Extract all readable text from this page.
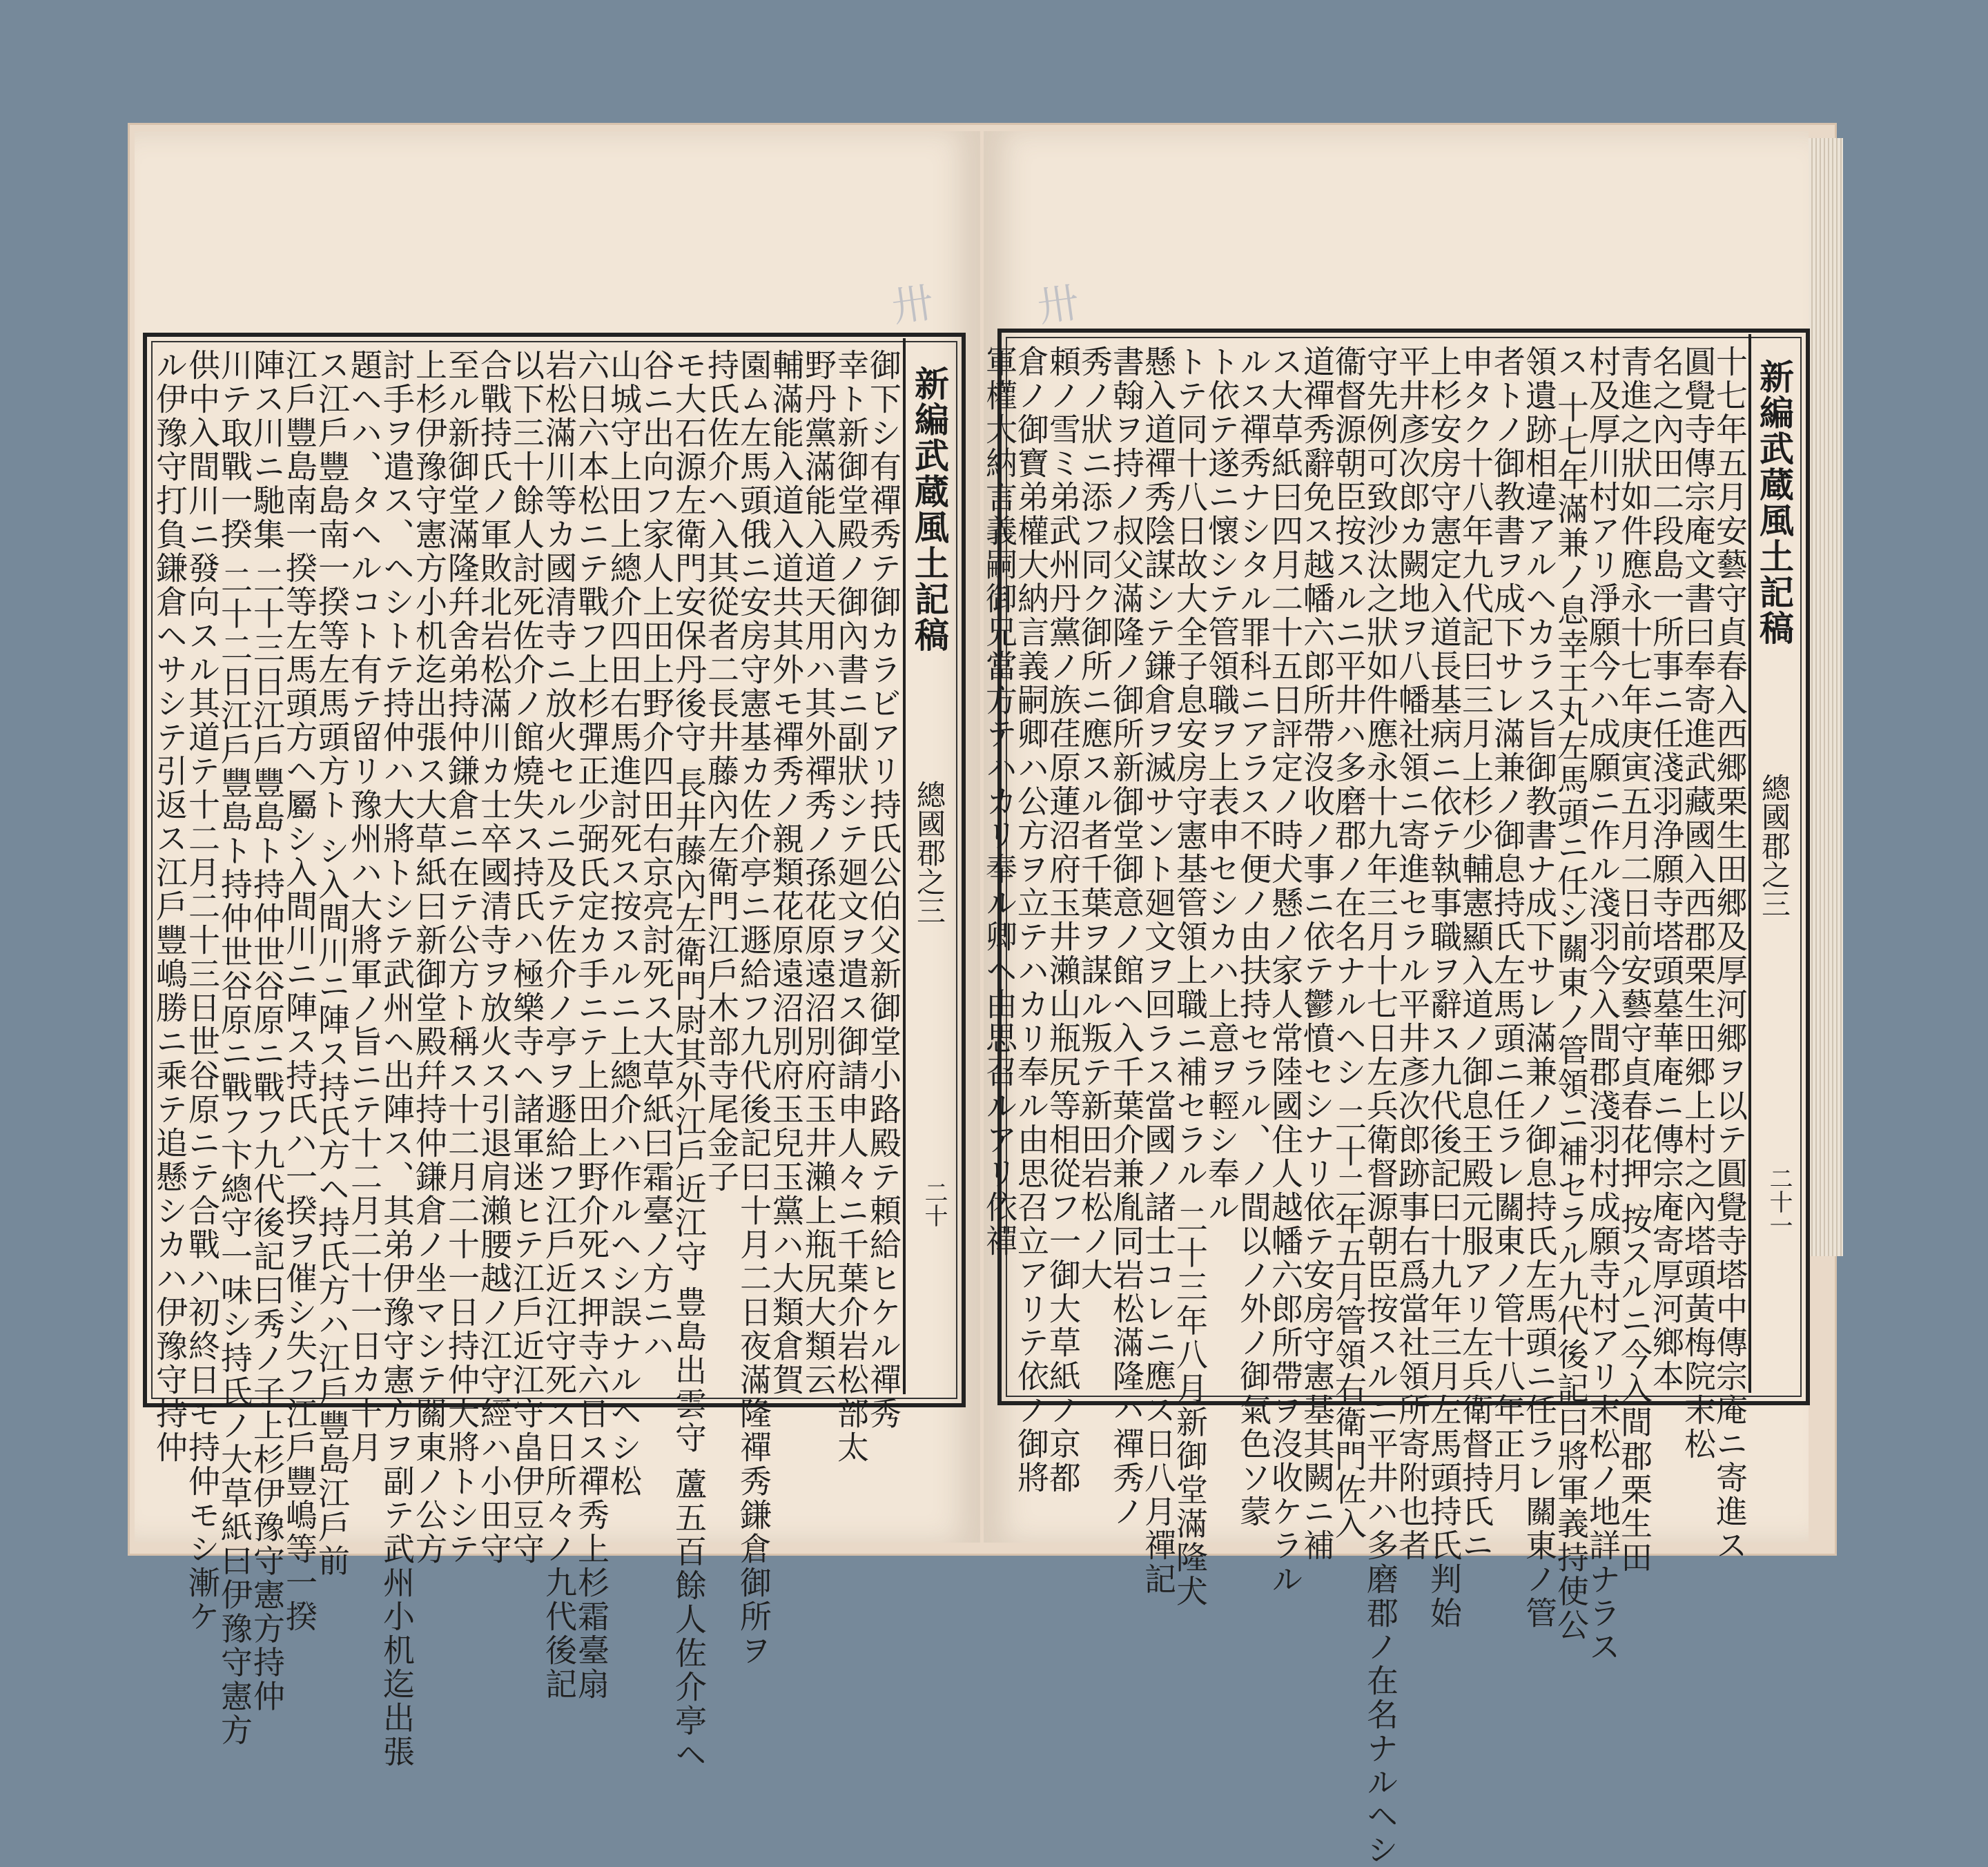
卅
新編武蔵風土記稿
總國郡之三
二十
御下シ有禪秀テ御カラビアリ持氏公伯父新御堂小路殿テ頼給ヒケル禪秀
幸ト新御堂殿ノ御內書ニ副狀シテ廻文ヲ遣ス御請申人々ニ千葉介岩松部太
野丹黨滿能入道天用ハ其外禪秀ノ孫花原遠沼別府玉井瀨上瓶尻大類云
輔滿能入道入道共其外モ禪秀ノ親類花原遠沼別府玉兒玉黨ハ大類倉賀
園ム左馬頭俄ニ安房守憲基カ佐介亭ニ遯給フ九代後記曰十月二日夜滿隆禪秀鎌倉御所ヲ
持氏佐介ヘ入其從者二長井藤內左衛門江戶木部寺尾金子
モ大石源左衛門安保丹後守 長井藤內左衛門尉其外江戶近江守 豊島出雲守 蘆五百餘人佐介亭ヘ
谷ニ出向フ家人上田上野介四田右京亮討死ス大草紙曰霜臺ノ方ニハ
山城守上田上總介四田右馬進討死ス按スルニ上總介ハ作ルヘシ誤ナルヘシ松
六日六本松ニテ戰フ上杉彈正少弼氏定カ手ニテ上田上野介死ス押寺六日ス禪秀上杉霜臺扇
岩松滿川等カ國清寺ニ放火セルニ及テ佐介ノ亭ヲ遯給フ江戶近江守死ス日所々ノ九代後記
以下三十餘人討死佐介ノ館燒失ス持氏ハ極樂寺ヘ諸軍迷ヒテ江戶近江守畠伊豆守
合戰持氏ノ軍敗北岩松滿川カ士卒國清寺ヲ放火ス引退肩瀨腰越ノ江守經ハ小田守
至ル新御堂滿隆幷舍弟持仲鎌倉ニ在テ公方ト稱ス十二月二十一日持仲大將トシテ
上杉伊豫守憲方小机迄出張ス大草紙曰新御堂殿幷持仲鎌倉ノ坐マシテ關東ノ公方
討手ヲ遣ス、ヘシトテ持仲ハ大將トシテ武州ヘ出陣ス、其弟伊豫守憲方ヲ副テ武州小机迄出張
題ヘハ、タヘルコト有テ留リ豫州ハ大將軍ノ旨ニテ十二月二十一日カ十月
ス江戶豐島南一揆等左馬頭方ト シ入間川ニ陣ス持氏方ヘ持氏方ハ江戶豐島江戶前
江戶豐島南一揆等左馬頭方ヘ屬シ入間川ニ陣ス持氏ハ一揆ヲ催シ失フ江戶豐嶋等一揆
陣ス川ニ馳集 二十三日江戶豐島ト持仲世谷原ニ戰フ九代後記曰秀ノ子上杉伊豫守憲方持仲
川テ取戰一揆 二十二日江戶豐島ト持仲世谷原ニ戰フ卞總守一味シ持氏ノ大草紙曰伊豫守憲方
供中入間川ニ發向スル其道テ十二月二十三日世谷原ニテ合戰ハ初終日モ持仲モシ漸ケ
ル伊豫守打負鎌倉ヘサシテ引返ス江戶豐嶋勝ニ乘テ追懸シカハ伊豫守持仲
卅
新編武蔵風土記稿
總國郡之三
二十一
十七年五月安藝守貞春入西郷栗生田郷及厚河郷ヲ以テ圓覺寺塔中傳宗庵ニ寄進ス
圓覺寺傳宗庵文書曰奉寄進武藏國入西郡栗生田郷上村之內塔頭黃梅院末松
名之內田二段島一所事ニ任淺羽浄願寺塔頭墓華庵ニ傳宗庵寄厚河鄉本
青進之狀如件應永十七年庚寅五月二日前安藝守貞春花押 按スルニ今入間郡栗生田
村及厚川村アリ淨願今ハ成願ニ作ル淺羽今入間郡淺羽村成願寺村アリ末松ノ地詳ナラス
ス 十七年滿兼ノ息幸王丸左馬頭ニ任シ關東ノ管領ニ補セラル九代後記曰將軍義持使公
領遺跡相違アルヘカラス旨御教書ナ成下サレ滿兼ノ御息持氏左馬頭ニ任ラレ關東ノ管
者トノ御教書ヲ成下サレ滿兼ノ御息持氏左馬頭ニ任ラレ關東ノ管十八年正月
申タク十八年九代記曰三月上杉少輔憲顯入道ノ御息王殿元服アリ左兵衛督持氏ニ
上杉安房守憲定入道長基病ニ依テ執事職ヲ辭ス九代後記曰十九年三月左馬頭持氏判始
平井彥次郎カ闕地ヲ八幡社領ニ寄進セラル平井彥次郎跡事右爲當社領所寄附也者
守先例可致沙汰之狀如件應永十九年三月十七日左兵衛督源朝臣按スルニ平井ハ多磨郡ノ在名ナルヘシ
衞督源朝臣按スルニ平井ハ多磨郡ノ在名ナルヘシ 二十二年五月管領右衛門佐入
道禪秀辭免ス越幡六郎所帶沒收ノ事ニ依テ鬱憤セシナリ依テ安房守憲基其闕ニ補
ス大草紙曰四月二十五日評定ノ時犬懸ノ家人常陸國住人越幡六郎所帶ヲ沒收ケラル
ルス禪秀ナシタル罪科ニアラス不便ノ由扶持セラル、ノ間以ノ外ノ御氣色ソ蒙
ト依テ遂ニ懷シテ管領職ヲ上表申セシカハ上意ヲ輕シ奉ル
トテ同十八日故大全子息安房守憲基管領上職ニ補セラル 二十三年八月新御堂滿隆犬
懸入道禪秀陰謀シテ鎌倉ヲ滅サント廻文ヲ回ラス當國ノ諸士コレニ應ス日八月禪記
書翰ヲ持ノ叔父滿隆ノ御所新御堂御意ノ館ヘ入千葉介兼胤同岩松滿隆ハ禪秀ノ
秀ノ狀ニ添フ同ク御所ニ應スル者千葉ヲ謀ル叛テ新田岩松ノ大
頼ノ雪ミ弟武州丹黨ノ族荏原蓮沼府玉井瀨山瓶尻等相從フ一御大草紙ノ京都
倉ノ御寶弟權大納言義嗣卿ハ公方ヲ立テハカリ奉ル由思召立アリテ依ノ御將
軍權大納言義嗣御兄當方テハカリ奉ル卿ヘ由思召ルアリ依禪
